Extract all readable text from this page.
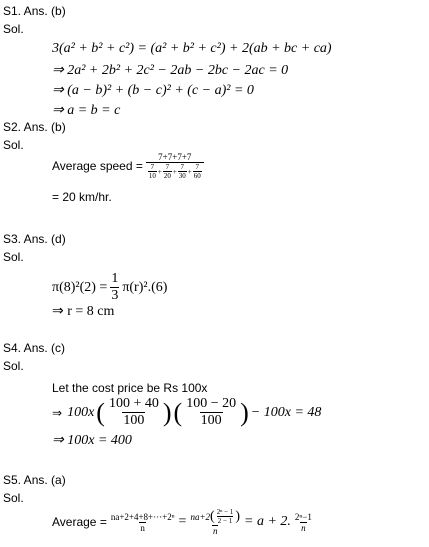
S1. Ans. (b)
Sol.
3(a² + b² + c²) = (a² + b² + c²) + 2(ab + bc + ca)
⇒ 2a² + 2b² + 2c² − 2ab − 2bc − 2ac = 0
⇒ (a − b)² + (b − c)² + (c − a)² = 0
⇒ a = b = c
S2. Ans. (b)
Sol.
Average speed = $\frac{7+7+7+7}{\frac{7}{10} + \frac{7}{20} + \frac{7}{30} + \frac{7}{60}}$
= 20 km/hr.
S3. Ans. (d)
Sol.
$\pi(8)^2(2) = \frac{1}{3} \pi(r)^2.(6)$
⇒ r = 8 cm
S4. Ans. (c)
Sol.
Let the cost price be Rs 100x
⇒ 100x ( $\frac{100 + 40}{100}$ ) ( $\frac{100 - 20}{100}$ ) − 100x = 48
⇒ 100x = 400
S5. Ans. (a)
Sol.
Average = $\frac{\text{na+2+4+8+···+2ⁿ}}{n} = na+2$ ( $\frac{\text{2ⁿ − 1}}{2 - 1}$ )
n
= a + 2. $\frac{\text{2ⁿ−1}}{n}$
